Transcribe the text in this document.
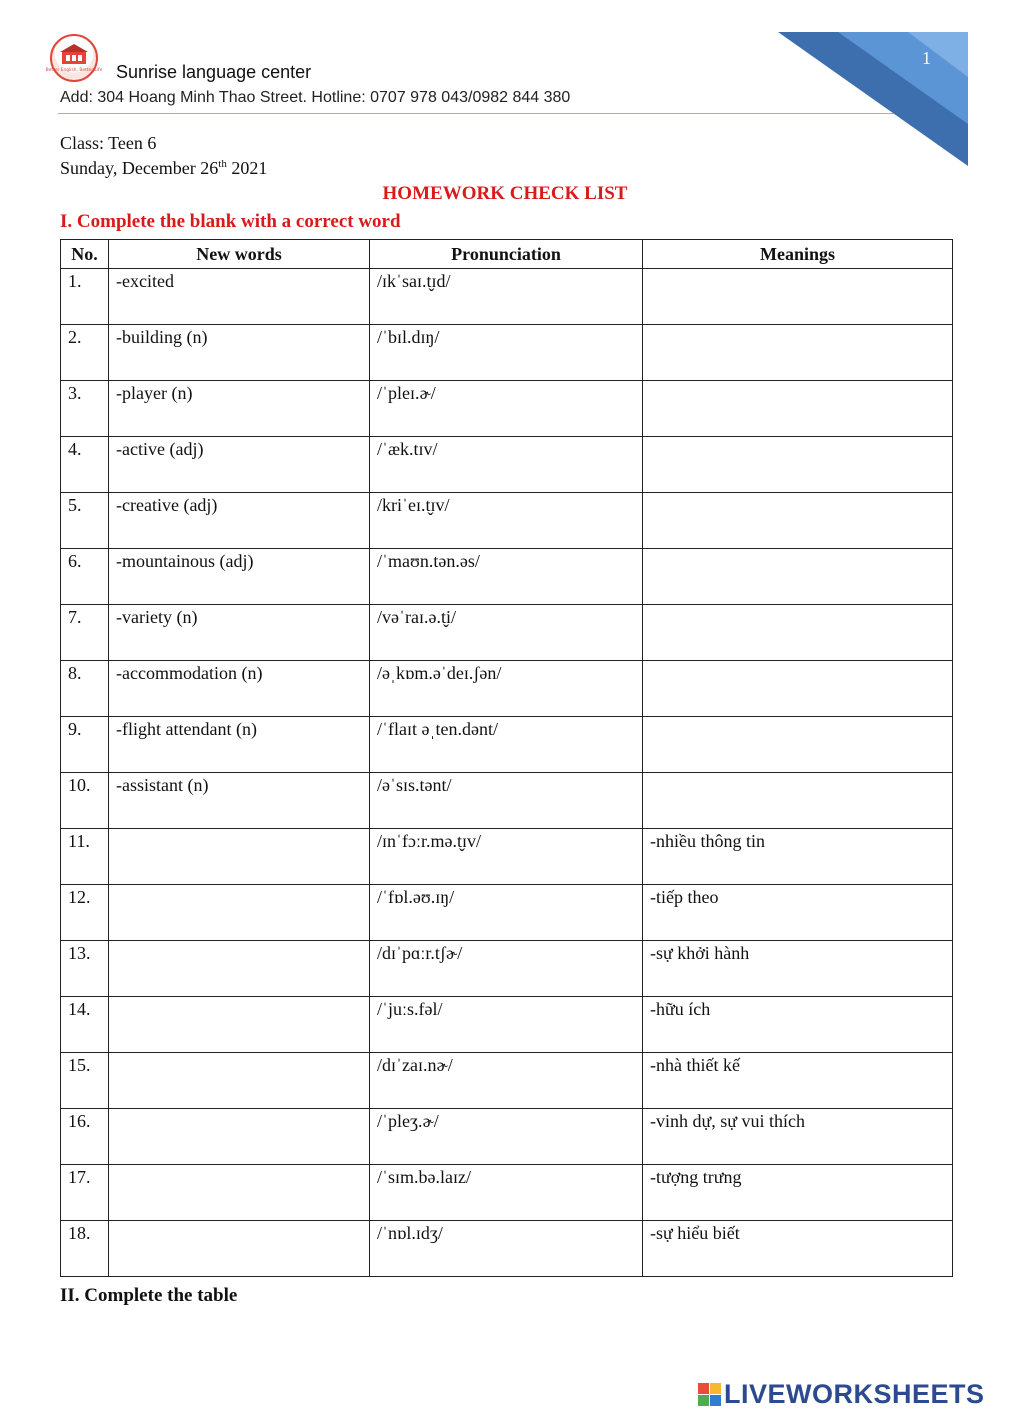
Better English, Better Life Sunrise language center
Add: 304 Hoang Minh Thao Street. Hotline: 0707 978 043/0982 844 380
1
Class: Teen 6
Sunday, December 26th 2021
HOMEWORK CHECK LIST
I. Complete the blank with a correct word
No.	New words	Pronunciation	Meanings
1.	-excited	/ɪkˈsaɪ.t̬ɪd/	
2.	-building (n)	/ˈbɪl.dɪŋ/	
3.	-player (n)	/ˈpleɪ.ɚ/	
4.	-active (adj)	/ˈæk.tɪv/	
5.	-creative (adj)	/kriˈeɪ.t̬ɪv/	
6.	-mountainous (adj)	/ˈmaʊn.tən.əs/	
7.	-variety (n)	/vəˈraɪ.ə.t̬i/	
8.	-accommodation (n)	/əˌkɒm.əˈdeɪ.ʃən/	
9.	-flight attendant (n)	/ˈflaɪt əˌten.dənt/	
10.	-assistant (n)	/əˈsɪs.tənt/	
11.		/ɪnˈfɔːr.mə.t̬ɪv/	-nhiều thông tin
12.		/ˈfɒl.əʊ.ɪŋ/	-tiếp theo
13.		/dɪˈpɑːr.tʃɚ/	-sự khởi hành
14.		/ˈjuːs.fəl/	-hữu ích
15.		/dɪˈzaɪ.nɚ/	-nhà thiết kế
16.		/ˈpleʒ.ɚ/	-vinh dự, sự vui thích
17.		/ˈsɪm.bə.laɪz/	-tượng trưng
18.		/ˈnɒl.ɪdʒ/	-sự hiểu biết
II. Complete the table
LIVEWORKSHEETS
